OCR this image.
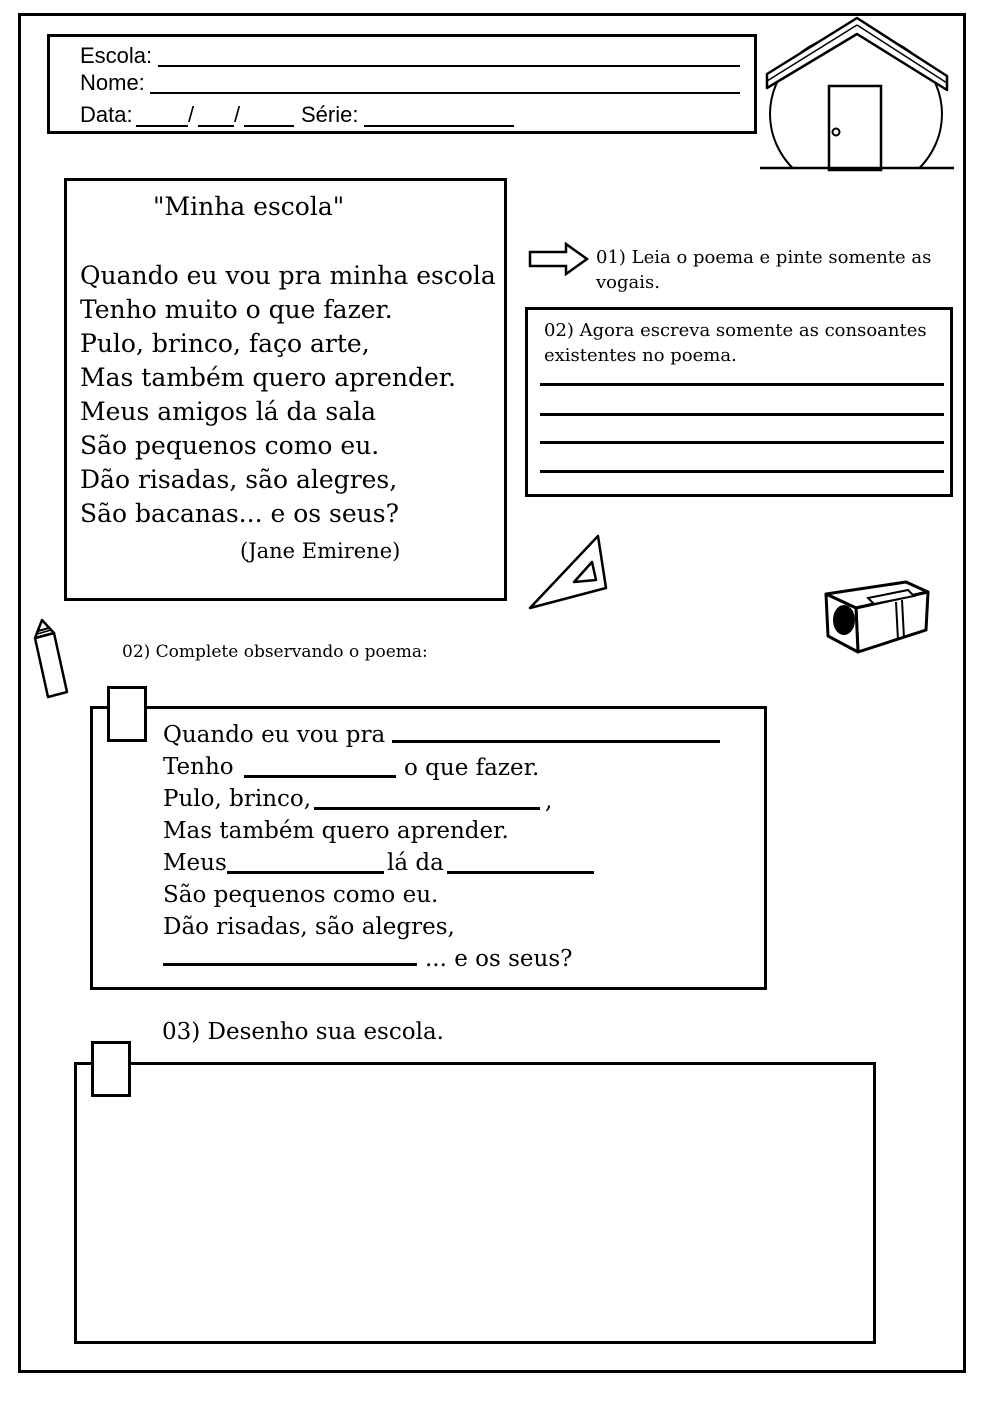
Escola:
Nome:
Data:	/ /	Série:
"Minha escola"
Quando eu vou pra minha escola
Tenho muito o que fazer.
Pulo, brinco, faço arte,
Mas também quero aprender.
Meus amigos lá da sala
São pequenos como eu.
Dão risadas, são alegres,
São bacanas... e os seus?
(Jane Emirene)
01) Leia o poema e pinte somente as vogais.
02) Agora escreva somente as consoantes existentes no poema.
02) Complete observando o poema:
Quando eu vou pra
Tenho	o que fazer.
Pulo, brinco,	,
Mas também quero aprender.
Meus	lá da
São pequenos como eu.
Dão risadas, são alegres,
... e os seus?
03) Desenho sua escola.
